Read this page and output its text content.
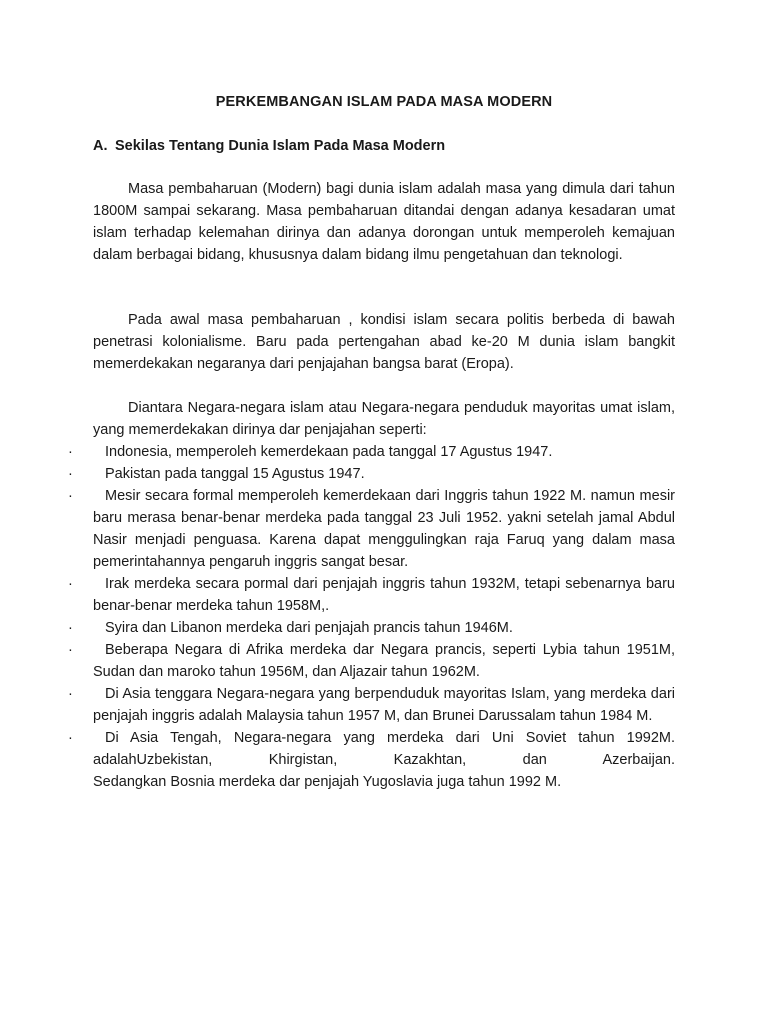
PERKEMBANGAN ISLAM PADA MASA MODERN
A. Sekilas Tentang Dunia Islam Pada Masa Modern

Masa pembaharuan (Modern) bagi dunia islam adalah masa yang dimula dari tahun 1800M sampai sekarang. Masa pembaharuan ditandai dengan adanya kesadaran umat islam terhadap kelemahan dirinya dan adanya dorongan untuk memperoleh kemajuan dalam berbagai bidang, khususnya dalam bidang ilmu pengetahuan dan teknologi.

Pada awal masa pembaharuan , kondisi islam secara politis berbeda di bawah penetrasi kolonialisme. Baru pada pertengahan abad ke-20 M dunia islam bangkit memerdekakan negaranya dari penjajahan bangsa barat (Eropa).

Diantara Negara-negara islam atau Negara-negara penduduk mayoritas umat islam, yang memerdekakan dirinya dar penjajahan seperti:

·	Indonesia, memperoleh kemerdekaan pada tanggal 17 Agustus 1947.
·	Pakistan pada tanggal 15 Agustus 1947.
·	Mesir secara formal memperoleh kemerdekaan dari Inggris tahun 1922 M. namun mesir baru merasa benar-benar merdeka pada tanggal 23 Juli 1952. yakni setelah jamal Abdul Nasir menjadi penguasa. Karena dapat menggulingkan raja Faruq yang dalam masa pemerintahannya pengaruh inggris sangat besar.
·	Irak merdeka secara pormal dari penjajah inggris tahun 1932M, tetapi sebenarnya baru benar-benar merdeka tahun 1958M,.
·	Syira dan Libanon merdeka dari penjajah prancis tahun 1946M.
·	Beberapa Negara di Afrika merdeka dar Negara prancis, seperti Lybia tahun 1951M, Sudan dan maroko tahun 1956M, dan Aljazair tahun 1962M.
·	Di Asia tenggara Negara-negara yang berpenduduk mayoritas Islam, yang merdeka dari penjajah inggris adalah Malaysia tahun 1957 M, dan Brunei Darussalam tahun 1984 M.
·	Di Asia Tengah, Negara-negara yang merdeka dari Uni Soviet tahun 1992M. adalahUzbekistan, Khirgistan, Kazakhtan, dan Azerbaijan.
Sedangkan Bosnia merdeka dar penjajah Yugoslavia juga tahun 1992 M.
